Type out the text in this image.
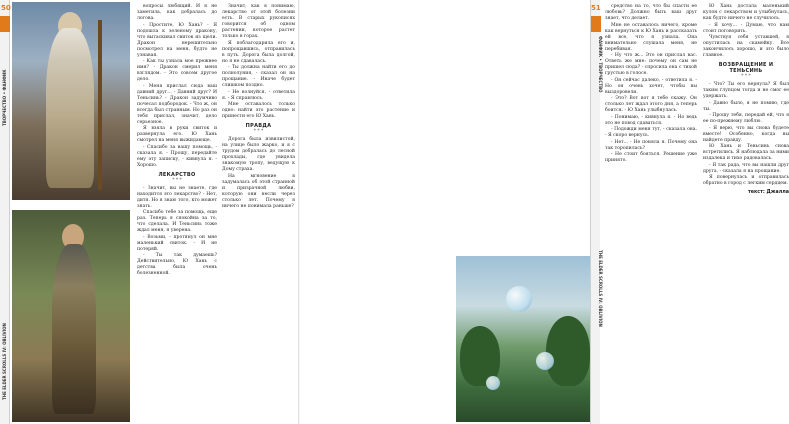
50
ТВОРЧЕСТВО • ФАНФИК
THE ELDER SCROLLS IV: OBLIVION

вопросы любящий. И я не заметила, как добралась до логова.

- Простите, Ю Хань? - Я подошла к зеленому дракону, что вытаскивал свиток из щели. Дракон нерешительно посмотрел на меня, будто не узнавая.

- Как ты узнала мое прежнее имя? - Дракон смерил меня взглядом. - Это совсем другое дело.

- Меня прислал сюда ваш давний друг... - Давний друг? И Теньсинь? - Дракон задумчиво почесал подбородок. - Что ж, он всегда был странным. Но раз он тебя прислал, значит, дело серьезное.

Я взяла в руки свиток и развернула его. Ю Хань смотрел на меня выжидающе.

- Спасибо за вашу помощь, - сказала я. - Прощу, передайте ему эту записку, - кивнула я. - Хорошо.

ЛЕКАРСТВО
* * *

- Значит, вы не знаете, где находится это лекарство? - Нет, дитя. Но я знаю того, кто может знать.

Спасибо тебе за помощь, еще раз. Теперь я спокойна за то, что сделала. И Теньсинь тоже ждал меня, я уверена.

- Возьми, - протянул он мне маленький свиток. - И не потеряй.

- Ты так думаешь? Действительно, Ю Хань с детства была очень болезненной.

Значит, как я понимаю, лекарство от этой болезни есть. В старых рукописях говорится об одном растении, которое растет только в горах.

Я поблагодарила его и, попрощавшись, отправилась в путь. Дорога была долгой, но я не сдавалась.

- Ты должна найти его до полнолуния, - сказал он на прощание. - Иначе будет слишком поздно.

- Не волнуйся, - ответила я. - Я справлюсь.

Мне оставалось только одно: найти это растение и принести его Ю Хань.

ПРАВДА
* * *

Дорога была извилистой, на улице было жарко, и я с трудом добралась до лесной прохлады, где увидела знакомую тропу, ведущую к Дому страха.

На мгновение я задумалась об этой странной и призрачной любви, которую они несли через столько лет. Почему я ничего не понимала раньше?

средство на то, что бы спасти ее любовь? Должно быть ваш друг знает, что делает.

Мне не оставалось ничего, кроме как вернуться к Ю Хань и рассказать ей все, что я узнала. Она внимательно слушала меня, не перебивая.

- Ну что ж... Это он прислал вас. Ответь же мне: почему он сам не пришел сюда? - спросила она с тихой грустью в голосе.

- Он сейчас далеко, - ответила я. - Но он очень хочет, чтобы вы выздоровели.

- Это? Вот вот я тебе скажу. Он столько лет ждал этого дня, а теперь боится. - Ю Хань улыбнулась.

- Понимаю, - кивнула я. - Но ведь это не повод сдаваться.

- Подожди меня тут, - сказала она. - Я скоро вернусь.

- Нет... - Не поняла я. Почему она так торопилась?

- Не стоит бояться. Решение уже принято.

Ю Хань достала маленький кулон с лекарством и улыбнулась, как будто ничего не случилось.

- Я хочу... - Думаю, что нам стоит поговорить.

Чувствуя себя уставшей, я опустилась на скамейку. Все закончилось хорошо, и это было главное.

ВОЗВРАЩЕНИЕ И ТЕНЬСИНЬ
* * *

- Что? Ты его вернула? Я был таким глупцом тогда и не смог ее удержать.

- Давно было, я не помню, где ты.

- Прошу тебя, передай ей, что я ее по-прежнему люблю.

- Я верю, что вы снова будете вместе! Особенно, когда вы найдете правду.

Ю Хань и Теньсинь снова встретились. Я наблюдала за ними издалека и тихо радовалась.

- Я так рада, что вы нашли друг друга, - сказала я на прощание.

Я повернулась и отправилась обратно в город с легким сердцем.

текст: Джалла
51
ФАНФИК • ТВОРЧЕСТВО
THE ELDER SCROLLS IV: OBLIVION
